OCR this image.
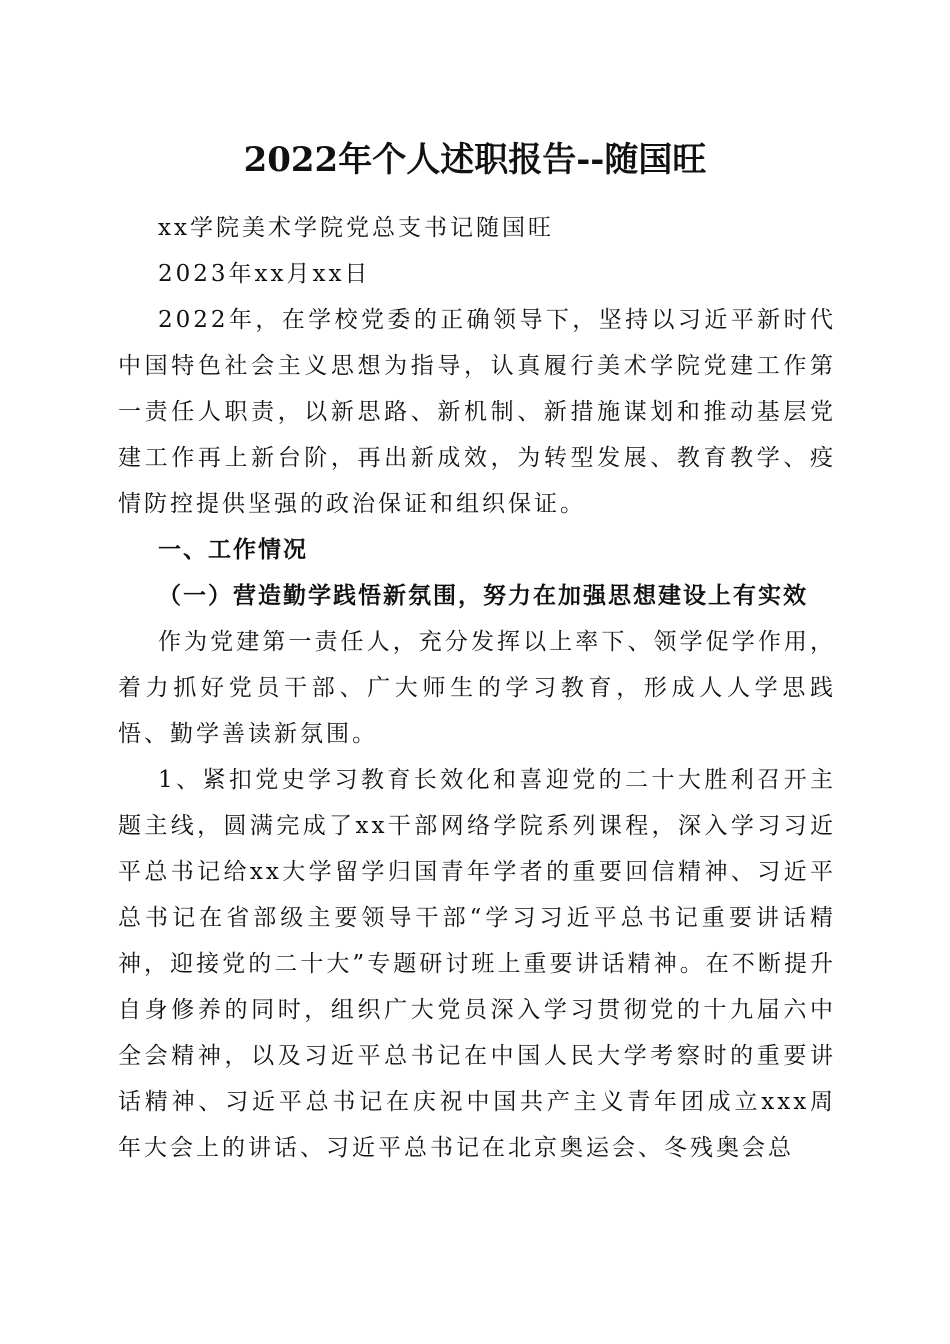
2022年个人述职报告--随国旺

xx学院美术学院党总支书记随国旺

2023年xx月xx日

2022年，在学校党委的正确领导下，坚持以习近平新时代中国特色社会主义思想为指导，认真履行美术学院党建工作第一责任人职责，以新思路、新机制、新措施谋划和推动基层党建工作再上新台阶，再出新成效，为转型发展、教育教学、疫情防控提供坚强的政治保证和组织保证。

一、工作情况

（一）营造勤学践悟新氛围，努力在加强思想建设上有实效

作为党建第一责任人，充分发挥以上率下、领学促学作用，着力抓好党员干部、广大师生的学习教育，形成人人学思践悟、勤学善读新氛围。

1、紧扣党史学习教育长效化和喜迎党的二十大胜利召开主题主线，圆满完成了xx干部网络学院系列课程，深入学习习近平总书记给xx大学留学归国青年学者的重要回信精神、习近平总书记在省部级主要领导干部“学习习近平总书记重要讲话精神，迎接党的二十大”专题研讨班上重要讲话精神。在不断提升自身修养的同时，组织广大党员深入学习贯彻党的十九届六中全会精神，以及习近平总书记在中国人民大学考察时的重要讲话精神、习近平总书记在庆祝中国共产主义青年团成立xxx周年大会上的讲话、习近平总书记在北京奥运会、冬残奥会总
